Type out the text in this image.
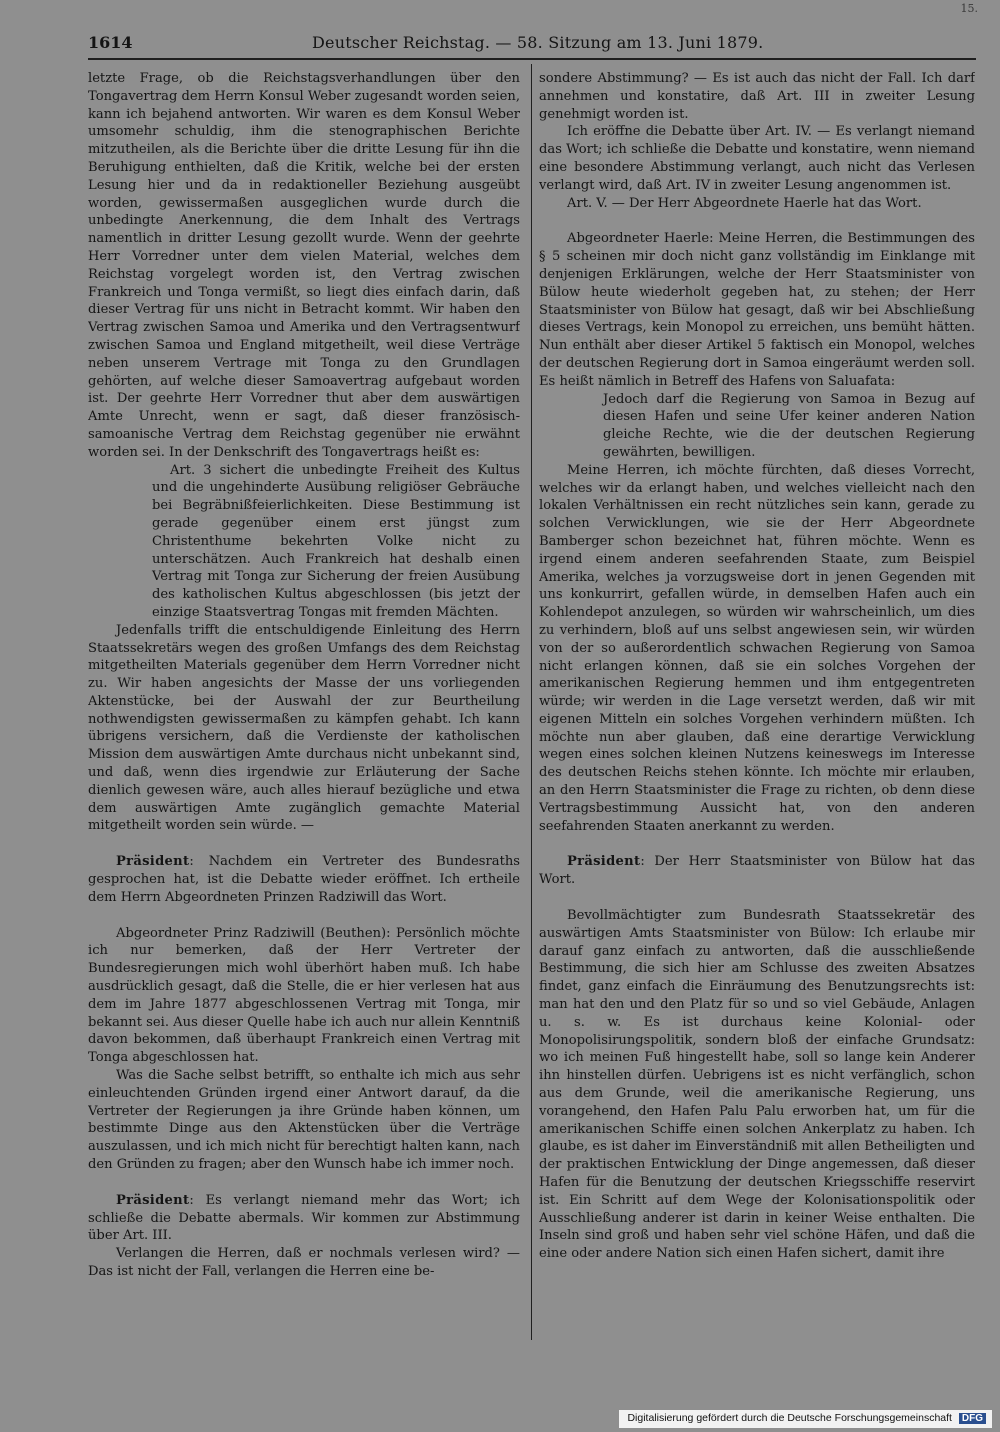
15.
1614	Deutscher Reichstag. — 58. Sitzung am 13. Juni 1879.

letzte Frage, ob die Reichstagsverhandlungen über den Tongavertrag dem Herrn Konsul Weber zugesandt worden seien, kann ich bejahend antworten. Wir waren es dem Konsul Weber umsomehr schuldig, ihm die stenographischen Berichte mitzutheilen, als die Berichte über die dritte Lesung für ihn die Beruhigung enthielten, daß die Kritik, welche bei der ersten Lesung hier und da in redaktioneller Beziehung ausgeübt worden, gewissermaßen ausgeglichen wurde durch die unbedingte Anerkennung, die dem Inhalt des Vertrags namentlich in dritter Lesung gezollt wurde. Wenn der geehrte Herr Vorredner unter dem vielen Material, welches dem Reichstag vorgelegt worden ist, den Vertrag zwischen Frankreich und Tonga vermißt, so liegt dies einfach darin, daß dieser Vertrag für uns nicht in Betracht kommt. Wir haben den Vertrag zwischen Samoa und Amerika und den Vertragsentwurf zwischen Samoa und England mitgetheilt, weil diese Verträge neben unserem Vertrage mit Tonga zu den Grundlagen gehörten, auf welche dieser Samoavertrag aufgebaut worden ist. Der geehrte Herr Vorredner thut aber dem auswärtigen Amte Unrecht, wenn er sagt, daß dieser französisch-samoanische Vertrag dem Reichstag gegenüber nie erwähnt worden sei. In der Denkschrift des Tongavertrags heißt es:

Art. 3 sichert die unbedingte Freiheit des Kultus und die ungehinderte Ausübung religiöser Gebräuche bei Begräbnißfeierlichkeiten. Diese Bestimmung ist gerade gegenüber einem erst jüngst zum Christenthume bekehrten Volke nicht zu unterschätzen. Auch Frankreich hat deshalb einen Vertrag mit Tonga zur Sicherung der freien Ausübung des katholischen Kultus abgeschlossen (bis jetzt der einzige Staatsvertrag Tongas mit fremden Mächten.

Jedenfalls trifft die entschuldigende Einleitung des Herrn Staatssekretärs wegen des großen Umfangs des dem Reichstag mitgetheilten Materials gegenüber dem Herrn Vorredner nicht zu. Wir haben angesichts der Masse der uns vorliegenden Aktenstücke, bei der Auswahl der zur Beurtheilung nothwendigsten gewissermaßen zu kämpfen gehabt. Ich kann übrigens versichern, daß die Verdienste der katholischen Mission dem auswärtigen Amte durchaus nicht unbekannt sind, und daß, wenn dies irgendwie zur Erläuterung der Sache dienlich gewesen wäre, auch alles hierauf bezügliche und etwa dem auswärtigen Amte zugänglich gemachte Material mitgetheilt worden sein würde. —

Präsident: Nachdem ein Vertreter des Bundesraths gesprochen hat, ist die Debatte wieder eröffnet. Ich ertheile dem Herrn Abgeordneten Prinzen Radziwill das Wort.

Abgeordneter Prinz Radziwill (Beuthen): Persönlich möchte ich nur bemerken, daß der Herr Vertreter der Bundesregierungen mich wohl überhört haben muß. Ich habe ausdrücklich gesagt, daß die Stelle, die er hier verlesen hat aus dem im Jahre 1877 abgeschlossenen Vertrag mit Tonga, mir bekannt sei. Aus dieser Quelle habe ich auch nur allein Kenntniß davon bekommen, daß überhaupt Frankreich einen Vertrag mit Tonga abgeschlossen hat.

Was die Sache selbst betrifft, so enthalte ich mich aus sehr einleuchtenden Gründen irgend einer Antwort darauf, da die Vertreter der Regierungen ja ihre Gründe haben können, um bestimmte Dinge aus den Aktenstücken über die Verträge auszulassen, und ich mich nicht für berechtigt halten kann, nach den Gründen zu fragen; aber den Wunsch habe ich immer noch.

Präsident: Es verlangt niemand mehr das Wort; ich schließe die Debatte abermals. Wir kommen zur Abstimmung über Art. III.

Verlangen die Herren, daß er nochmals verlesen wird? — Das ist nicht der Fall, verlangen die Herren eine be-

sondere Abstimmung? — Es ist auch das nicht der Fall. Ich darf annehmen und konstatire, daß Art. III in zweiter Lesung genehmigt worden ist.

Ich eröffne die Debatte über Art. IV. — Es verlangt niemand das Wort; ich schließe die Debatte und konstatire, wenn niemand eine besondere Abstimmung verlangt, auch nicht das Verlesen verlangt wird, daß Art. IV in zweiter Lesung angenommen ist.

Art. V. — Der Herr Abgeordnete Haerle hat das Wort.

Abgeordneter Haerle: Meine Herren, die Bestimmungen des § 5 scheinen mir doch nicht ganz vollständig im Einklange mit denjenigen Erklärungen, welche der Herr Staatsminister von Bülow heute wiederholt gegeben hat, zu stehen; der Herr Staatsminister von Bülow hat gesagt, daß wir bei Abschließung dieses Vertrags, kein Monopol zu erreichen, uns bemüht hätten. Nun enthält aber dieser Artikel 5 faktisch ein Monopol, welches der deutschen Regierung dort in Samoa eingeräumt werden soll. Es heißt nämlich in Betreff des Hafens von Saluafata:

Jedoch darf die Regierung von Samoa in Bezug auf diesen Hafen und seine Ufer keiner anderen Nation gleiche Rechte, wie die der deutschen Regierung gewährten, bewilligen.

Meine Herren, ich möchte fürchten, daß dieses Vorrecht, welches wir da erlangt haben, und welches vielleicht nach den lokalen Verhältnissen ein recht nützliches sein kann, gerade zu solchen Verwicklungen, wie sie der Herr Abgeordnete Bamberger schon bezeichnet hat, führen möchte. Wenn es irgend einem anderen seefahrenden Staate, zum Beispiel Amerika, welches ja vorzugsweise dort in jenen Gegenden mit uns konkurrirt, gefallen würde, in demselben Hafen auch ein Kohlendepot anzulegen, so würden wir wahrscheinlich, um dies zu verhindern, bloß auf uns selbst angewiesen sein, wir würden von der so außerordentlich schwachen Regierung von Samoa nicht erlangen können, daß sie ein solches Vorgehen der amerikanischen Regierung hemmen und ihm entgegentreten würde; wir werden in die Lage versetzt werden, daß wir mit eigenen Mitteln ein solches Vorgehen verhindern müßten. Ich möchte nun aber glauben, daß eine derartige Verwicklung wegen eines solchen kleinen Nutzens keineswegs im Interesse des deutschen Reichs stehen könnte. Ich möchte mir erlauben, an den Herrn Staatsminister die Frage zu richten, ob denn diese Vertragsbestimmung Aussicht hat, von den anderen seefahrenden Staaten anerkannt zu werden.

Präsident: Der Herr Staatsminister von Bülow hat das Wort.

Bevollmächtigter zum Bundesrath Staatssekretär des auswärtigen Amts Staatsminister von Bülow: Ich erlaube mir darauf ganz einfach zu antworten, daß die ausschließende Bestimmung, die sich hier am Schlusse des zweiten Absatzes findet, ganz einfach die Einräumung des Benutzungsrechts ist: man hat den und den Platz für so und so viel Gebäude, Anlagen u. s. w. Es ist durchaus keine Kolonial- oder Monopolisirungspolitik, sondern bloß der einfache Grundsatz: wo ich meinen Fuß hingestellt habe, soll so lange kein Anderer ihn hinstellen dürfen. Uebrigens ist es nicht verfänglich, schon aus dem Grunde, weil die amerikanische Regierung, uns vorangehend, den Hafen Palu Palu erworben hat, um für die amerikanischen Schiffe einen solchen Ankerplatz zu haben. Ich glaube, es ist daher im Einverständniß mit allen Betheiligten und der praktischen Entwicklung der Dinge angemessen, daß dieser Hafen für die Benutzung der deutschen Kriegsschiffe reservirt ist. Ein Schritt auf dem Wege der Kolonisationspolitik oder Ausschließung anderer ist darin in keiner Weise enthalten. Die Inseln sind groß und haben sehr viel schöne Häfen, und daß die eine oder andere Nation sich einen Hafen sichert, damit ihre

Digitalisierung gefördert durch die Deutsche Forschungsgemeinschaft DFG
